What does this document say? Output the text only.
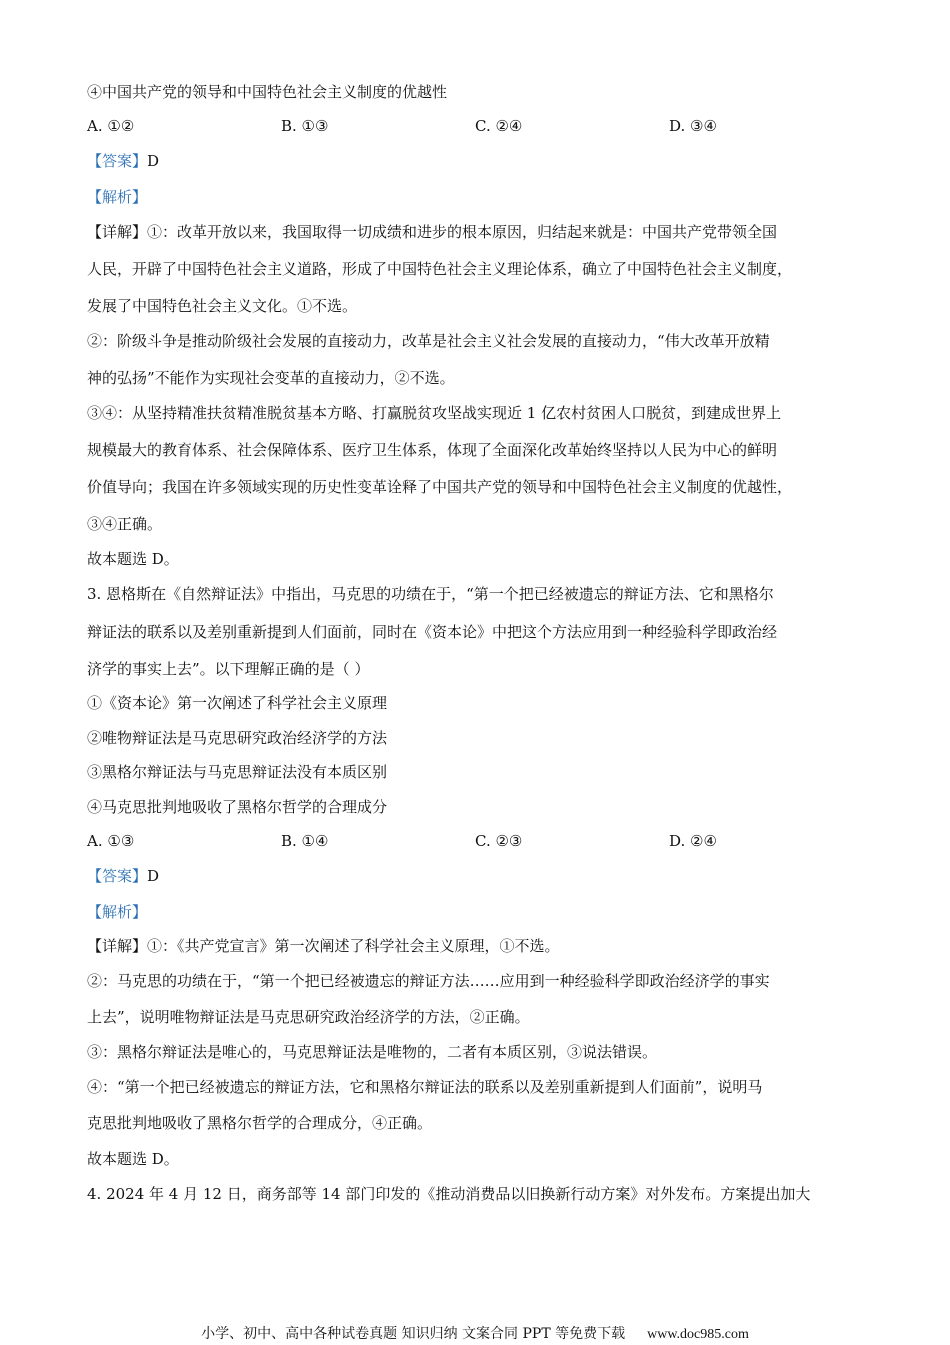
④中国共产党的领导和中国特色社会主义制度的优越性
A. ①②	B. ①③	C. ②④	D. ③④
【答案】D
【解析】
【详解】①：改革开放以来，我国取得一切成绩和进步的根本原因，归结起来就是：中国共产党带领全国
人民，开辟了中国特色社会主义道路，形成了中国特色社会主义理论体系，确立了中国特色社会主义制度，
发展了中国特色社会主义文化。①不选。
②：阶级斗争是推动阶级社会发展的直接动力，改革是社会主义社会发展的直接动力，“伟大改革开放精
神的弘扬”不能作为实现社会变革的直接动力，②不选。
③④：从坚持精准扶贫精准脱贫基本方略、打赢脱贫攻坚战实现近 1 亿农村贫困人口脱贫，到建成世界上
规模最大的教育体系、社会保障体系、医疗卫生体系，体现了全面深化改革始终坚持以人民为中心的鲜明
价值导向；我国在许多领域实现的历史性变革诠释了中国共产党的领导和中国特色社会主义制度的优越性，
③④正确。
故本题选 D。
3. 恩格斯在《自然辩证法》中指出，马克思的功绩在于，“第一个把已经被遗忘的辩证方法、它和黑格尔
辩证法的联系以及差别重新提到人们面前，同时在《资本论》中把这个方法应用到一种经验科学即政治经
济学的事实上去”。以下理解正确的是（ ）
①《资本论》第一次阐述了科学社会主义原理
②唯物辩证法是马克思研究政治经济学的方法
③黑格尔辩证法与马克思辩证法没有本质区别
④马克思批判地吸收了黑格尔哲学的合理成分
A. ①③	B. ①④	C. ②③	D. ②④
【答案】D
【解析】
【详解】①：《共产党宣言》第一次阐述了科学社会主义原理，①不选。
②：马克思的功绩在于，“第一个把已经被遗忘的辩证方法……应用到一种经验科学即政治经济学的事实
上去”，说明唯物辩证法是马克思研究政治经济学的方法，②正确。
③：黑格尔辩证法是唯心的，马克思辩证法是唯物的，二者有本质区别，③说法错误。
④：“第一个把已经被遗忘的辩证方法，它和黑格尔辩证法的联系以及差别重新提到人们面前”，说明马
克思批判地吸收了黑格尔哲学的合理成分，④正确。
故本题选 D。
4. 2024 年 4 月 12 日，商务部等 14 部门印发的《推动消费品以旧换新行动方案》对外发布。方案提出加大
小学、初中、高中各种试卷真题 知识归纳 文案合同 PPT 等免费下载 www.doc985.com
